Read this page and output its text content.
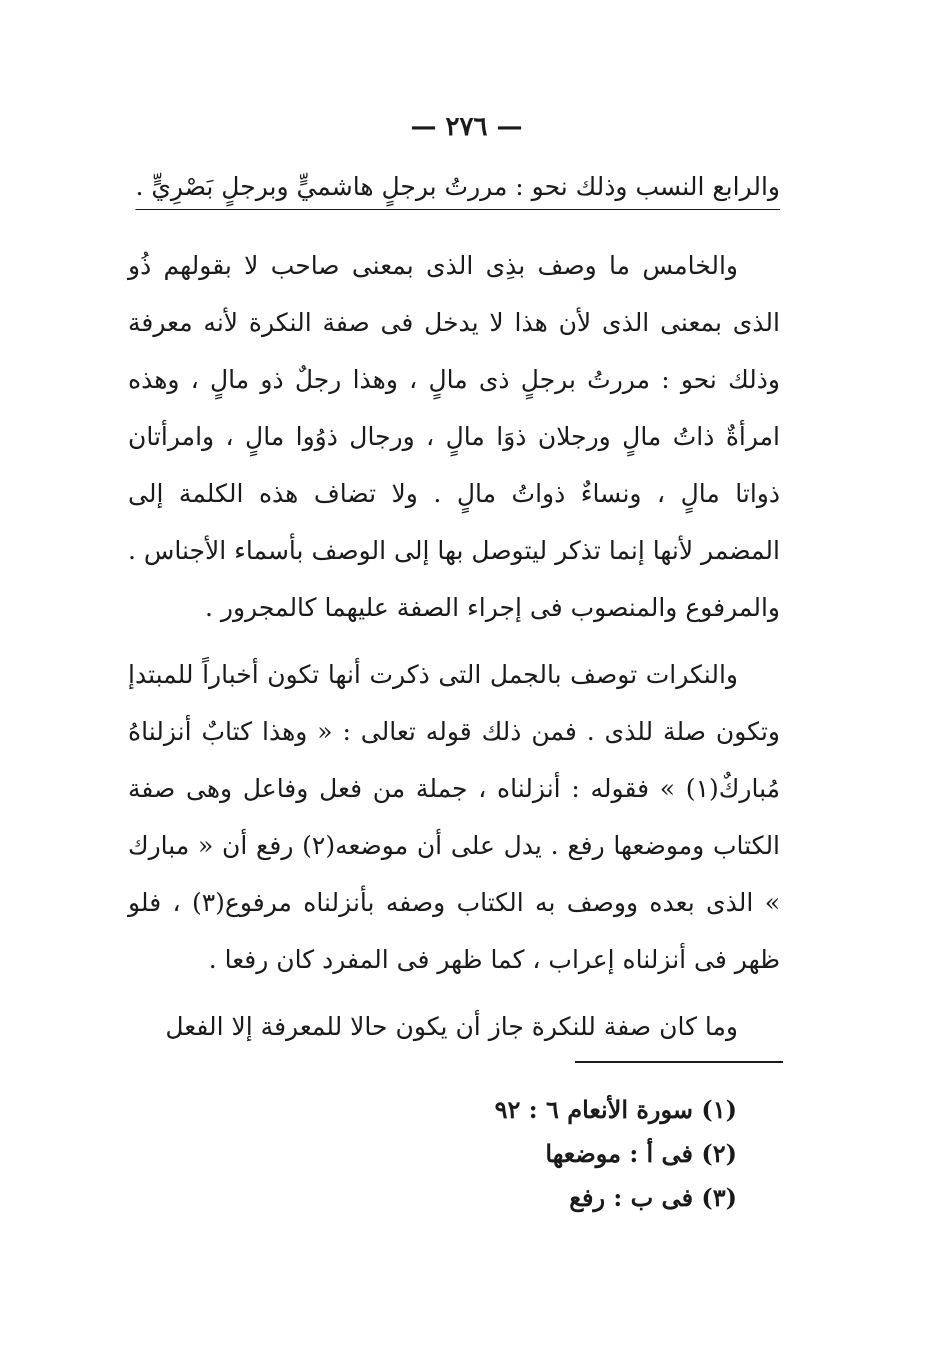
— ٢٧٦ —

والرابع النسب وذلك نحو : مررتُ برجلٍ هاشميٍّ وبرجلٍ بَصْرِيٍّ .

والخامس ما وصف بذِى الذى بمعنى صاحب لا بقولهم ذُو الذى بمعنى الذى لأن هذا لا يدخل فى صفة النكرة لأنه معرفة وذلك نحو : مررتُ برجلٍ ذى مالٍ ، وهذا رجلٌ ذو مالٍ ، وهذه امرأةٌ ذاتُ مالٍ ورجلان ذوَا مالٍ ، ورجال ذوُوا مالٍ ، وامرأتان ذواتا مالٍ ، ونساءٌ ذواتُ مالٍ . ولا تضاف هذه الكلمة إلى المضمر لأنها إنما تذكر ليتوصل بها إلى الوصف بأسماء الأجناس . والمرفوع والمنصوب فى إجراء الصفة عليهما كالمجرور .

والنكرات توصف بالجمل التى ذكرت أنها تكون أخباراً للمبتدإ وتكون صلة للذى . فمن ذلك قوله تعالى : « وهذا كتابٌ أنزلناهُ مُباركٌ(١) » فقوله : أنزلناه ، جملة من فعل وفاعل وهى صفة الكتاب وموضعها رفع . يدل على أن موضعه(٢) رفع أن « مبارك » الذى بعده ووصف به الكتاب وصفه بأنزلناه مرفوع(٣) ، فلو ظهر فى أنزلناه إعراب ، كما ظهر فى المفرد كان رفعا .

وما كان صفة للنكرة جاز أن يكون حالا للمعرفة إلا الفعل

(١) سورة الأنعام ٦ : ٩٢

(٢) فى أ : موضعها

(٣) فى ب : رفع
